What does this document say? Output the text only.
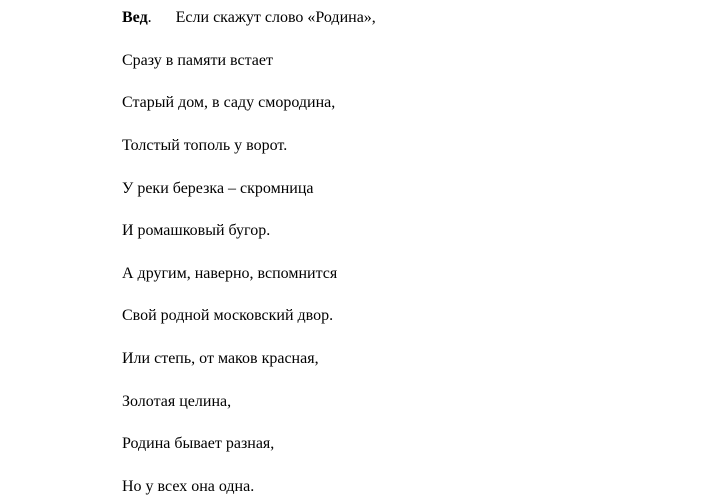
Вед. Если скажут слово «Родина»,

Сразу в памяти встает

Старый дом, в саду смородина,

Толстый тополь у ворот.

У реки березка – скромница

И ромашковый бугор.

А другим, наверно, вспомнится

Свой родной московский двор.

Или степь, от маков красная,

Золотая целина,

Родина бывает разная,

Но у всех она одна.
